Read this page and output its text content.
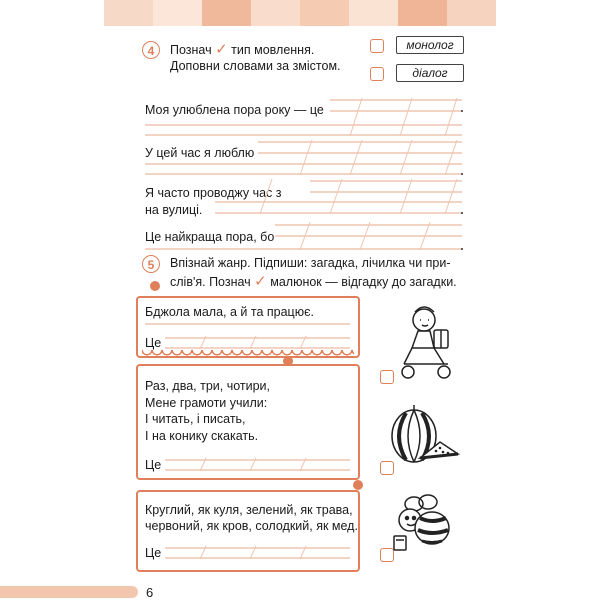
4	Познач ✓ тип мовлення.
Доповни словами за змістом.
монолог
діалог
Моя улюблена пора року — це
У цей час я люблю
Я часто проводжу час з
на вулиці.
Це найкраща пора, бо
5	Впізнай жанр. Підпиши: загадка, лічилка чи при-
слів'я. Познач ✓ малюнок — відгадку до загадки.
Бджола мала, а й та працює.
Це
Раз, два, три, чотири,
Мене грамоти учили:
І читать, і писать,
І на конику скакать.
Це
Круглий, як куля, зелений, як трава,
червоний, як кров, солодкий, як мед.
Це
6
